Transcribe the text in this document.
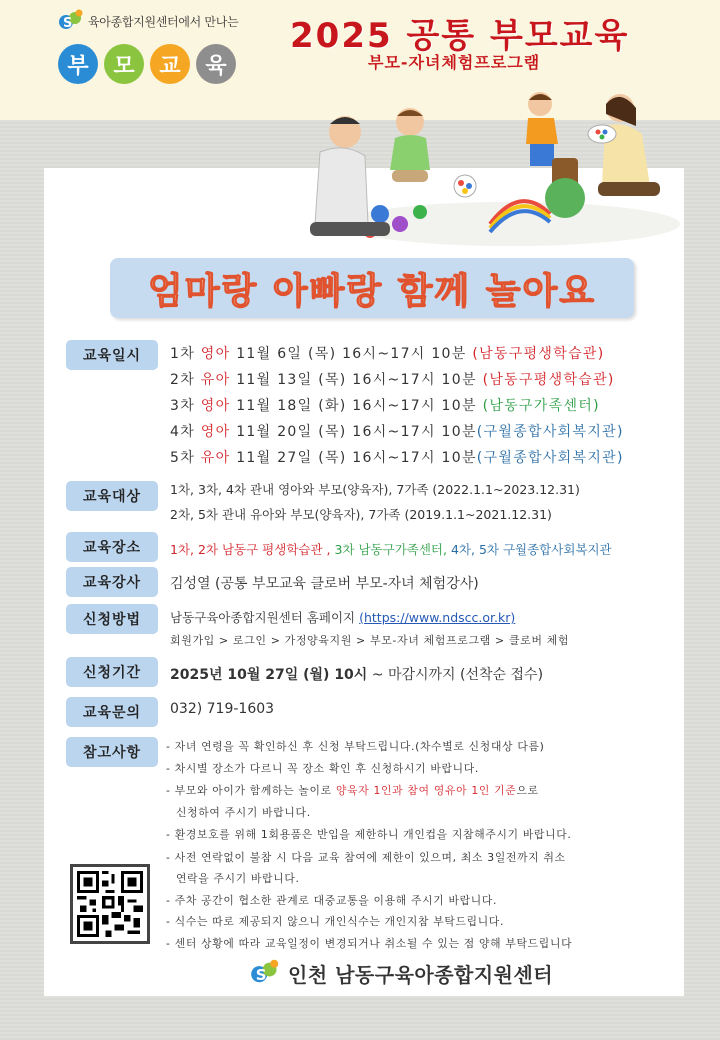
S 육아종합지원센터에서 만나는
부	모	교	육
2025 공통 부모교육
부모-자녀체험프로그램
엄마랑 아빠랑 함께 놀아요
교육일시	1차 영아 11월 6일 (목) 16시~17시 10분 (남동구평생학습관)
2차 유아 11월 13일 (목) 16시~17시 10분 (남동구평생학습관)
3차 영아 11월 18일 (화) 16시~17시 10분 (남동구가족센터)
4차 영아 11월 20일 (목) 16시~17시 10분(구월종합사회복지관)
5차 유아 11월 27일 (목) 16시~17시 10분(구월종합사회복지관)
교육대상	1차, 3차, 4차 관내 영아와 부모(양육자), 7가족 (2022.1.1~2023.12.31)
2차, 5차 관내 유아와 부모(양육자), 7가족 (2019.1.1~2021.12.31)
교육장소	1차, 2차 남동구 평생학습관 , 3차 남동구가족센터, 4차, 5차 구월종합사회복지관
교육강사	김성열 (공통 부모교육 클로버 부모-자녀 체험강사)
신청방법	남동구육아종합지원센터 홈페이지 (https://www.ndscc.or.kr)
회원가입 > 로그인 > 가정양육지원 > 부모-자녀 체험프로그램 > 클로버 체험
신청기간	2025년 10월 27일 (월) 10시 ~ 마감시까지 (선착순 접수)
교육문의	032) 719-1603
참고사항	- 자녀 연령을 꼭 확인하신 후 신청 부탁드립니다.(차수별로 신청대상 다름)
- 차시별 장소가 다르니 꼭 장소 확인 후 신청하시기 바랍니다.
- 부모와 아이가 함께하는 놀이로 양육자 1인과 참여 영유아 1인 기준으로
신청하여 주시기 바랍니다.
- 환경보호를 위해 1회용품은 반입을 제한하니 개인컵을 지참해주시기 바랍니다.
- 사전 연락없이 불참 시 다음 교육 참여에 제한이 있으며, 최소 3일전까지 취소
연락을 주시기 바랍니다.
- 주차 공간이 협소한 관계로 대중교통을 이용해 주시기 바랍니다.
- 식수는 따로 제공되지 않으니 개인식수는 개인지참 부탁드립니다.
- 센터 상황에 따라 교육일정이 변경되거나 취소될 수 있는 점 양해 부탁드립니다
S 인천 남동구육아종합지원센터
